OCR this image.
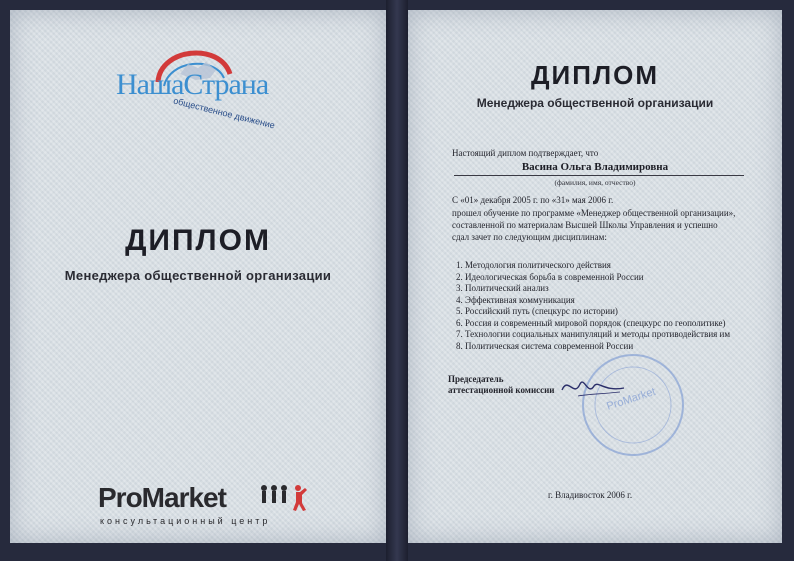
НашаСтрана
общественное движение
ДИПЛОМ
Менеджера общественной организации
ProMarket
консультационный центр
ДИПЛОМ
Менеджера общественной организации
Настоящий диплом подтверждает, что
Васина Ольга Владимировна
(фамилия, имя, отчество)
С «01» декабря 2005 г. по «31» мая 2006 г.
прошел обучение по программе «Менеджер общественной организации»,
составленной по материалам Высшей Школы Управления и успешно
сдал зачет по следующим дисциплинам:
1. Методология политического действия
2. Идеологическая борьба в современной России
3. Политический анализ
4. Эффективная коммуникация
5. Российский путь (спецкурс по истории)
6. Россия и современный мировой порядок (спецкурс по геополитике)
7. Технологии социальных манипуляций и методы противодействия им
8. Политическая система современной России
Председатель
аттестационной комиссии	ProMarket
г. Владивосток 2006 г.
